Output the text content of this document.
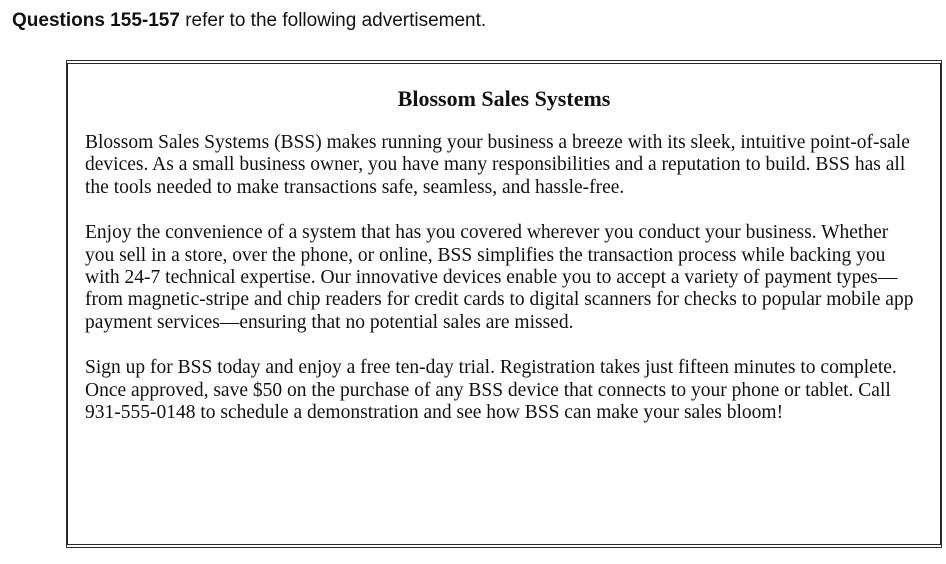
Questions 155-157 refer to the following advertisement.
Blossom Sales Systems

Blossom Sales Systems (BSS) makes running your business a breeze with its sleek, intuitive point-of-sale devices. As a small business owner, you have many responsibilities and a reputation to build. BSS has all the tools needed to make transactions safe, seamless, and hassle-free.

Enjoy the convenience of a system that has you covered wherever you conduct your business. Whether you sell in a store, over the phone, or online, BSS simplifies the transaction process while backing you with 24-7 technical expertise. Our innovative devices enable you to accept a variety of payment types—from magnetic-stripe and chip readers for credit cards to digital scanners for checks to popular mobile app payment services—ensuring that no potential sales are missed.

Sign up for BSS today and enjoy a free ten-day trial. Registration takes just fifteen minutes to complete. Once approved, save $50 on the purchase of any BSS device that connects to your phone or tablet. Call 931-555-0148 to schedule a demonstration and see how BSS can make your sales bloom!
